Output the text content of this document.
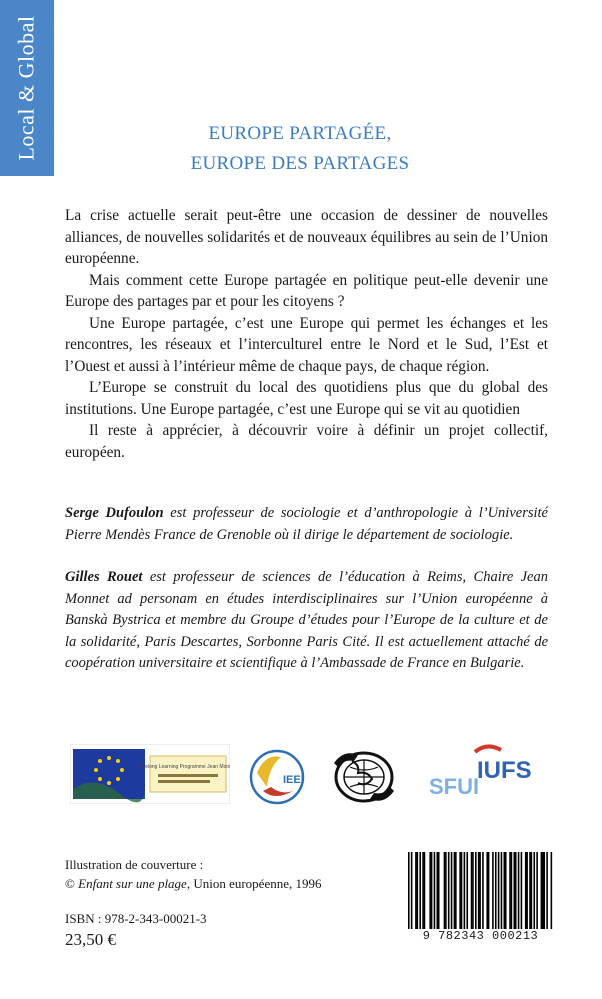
Local & Global	EUROPE PARTAGÉE,
EUROPE DES PARTAGES

La crise actuelle serait peut-être une occasion de dessiner de nouvelles alliances, de nouvelles solidarités et de nouveaux équilibres au sein de l’Union européenne.

Mais comment cette Europe partagée en politique peut-elle devenir une Europe des partages par et pour les citoyens ?

Une Europe partagée, c’est une Europe qui permet les échanges et les rencontres, les réseaux et l’interculturel entre le Nord et le Sud, l’Est et l’Ouest et aussi à l’intérieur même de chaque pays, de chaque région.

L’Europe se construit du local des quotidiens plus que du global des institutions. Une Europe partagée, c’est une Europe qui se vit au quotidien

Il reste à apprécier, à découvrir voire à définir un projet collectif, européen.

Serge Dufoulon est professeur de sociologie et d’anthropologie à l’Université Pierre Mendès France de Grenoble où il dirige le département de sociologie.

Gilles Rouet est professeur de sciences de l’éducation à Reims, Chaire Jean Monnet ad personam en études interdisciplinaires sur l’Union européenne à Banskà Bystrica et membre du Groupe d’études pour l’Europe de la culture et de la solidarité, Paris Descartes, Sorbonne Paris Cité. Il est actuellement attaché de coopération universitaire et scientifique à l’Ambassade de France en Bulgarie.

Lifelong Learning Programme Jean Monnet
IEEI	IUFS
SFUI
Illustration de couverture :
© Enfant sur une plage, Union européenne, 1996
ISBN : 978-2-343-00021-3
23,50 €	9 782343 000213
